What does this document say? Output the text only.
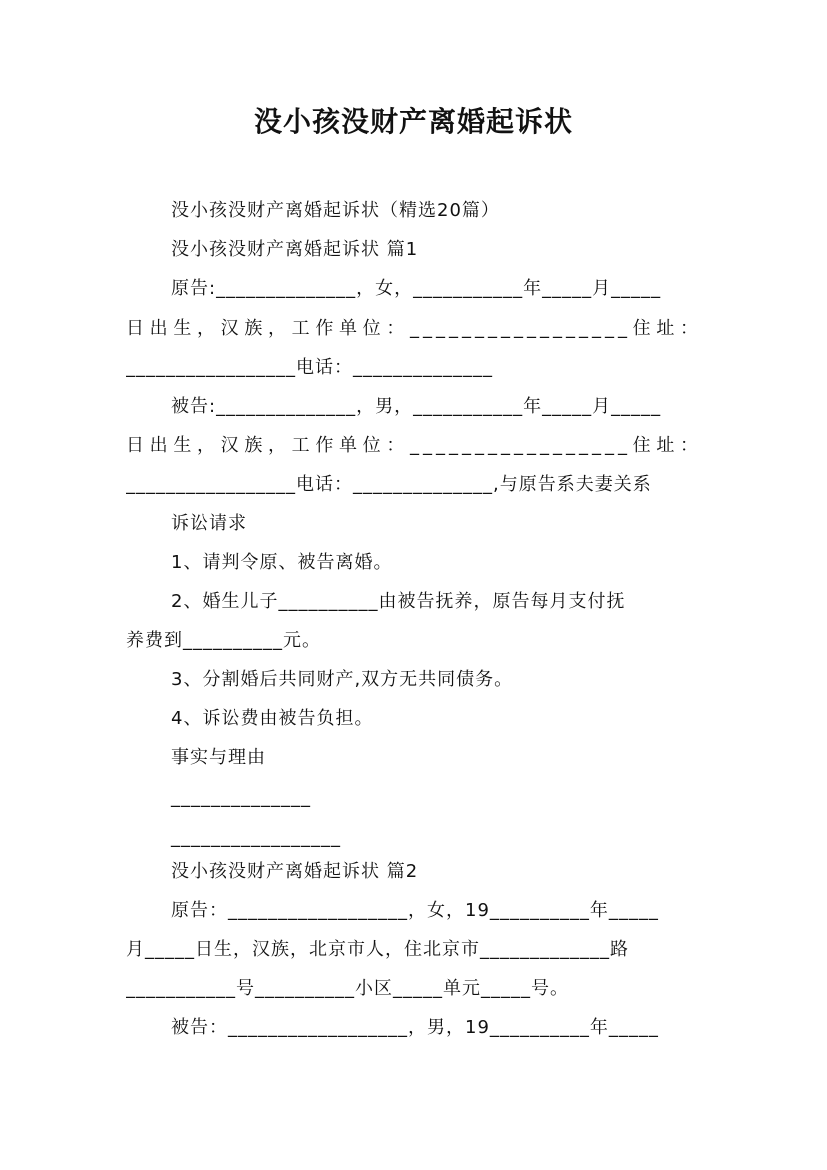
没小孩没财产离婚起诉状
没小孩没财产离婚起诉状（精选20篇）
没小孩没财产离婚起诉状 篇1
原告:______________，女，___________年_____月_____
日出生，汉族，工作单位：_________________住址：
_________________电话：______________
被告:______________，男，___________年_____月_____
日出生，汉族，工作单位：_________________住址：
_________________电话：______________,与原告系夫妻关系
诉讼请求
1、请判令原、被告离婚。
2、婚生儿子__________由被告抚养，原告每月支付抚
养费到__________元。
3、分割婚后共同财产,双方无共同债务。
4、诉讼费由被告负担。
事实与理由
______________
_________________
没小孩没财产离婚起诉状 篇2
原告：__________________，女，19__________年_____
月_____日生，汉族，北京市人，住北京市_____________路
___________号__________小区_____单元_____号。
被告：__________________，男，19__________年_____
